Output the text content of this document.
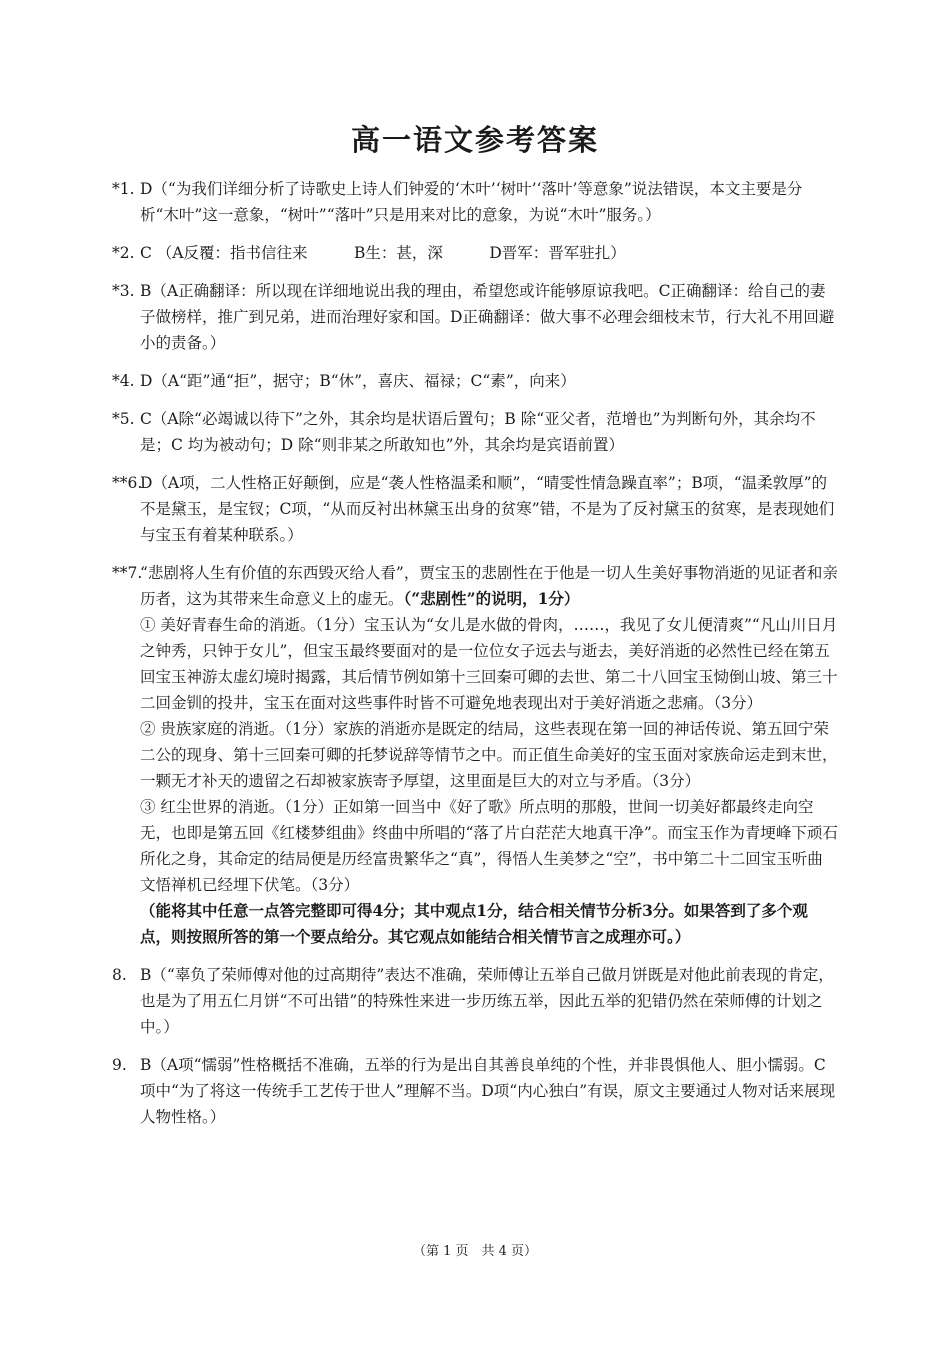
高一语文参考答案

*1. D（“为我们详细分析了诗歌史上诗人们钟爱的‘木叶’‘树叶’‘落叶’等意象”说法错误，本文主要是分析“木叶”这一意象，“树叶”“落叶”只是用来对比的意象，为说“木叶”服务。）

*2. C （A反覆：指书信往来　　　B生：甚，深　　　D晋军：晋军驻扎）

*3. B（A正确翻译：所以现在详细地说出我的理由，希望您或许能够原谅我吧。C正确翻译：给自己的妻子做榜样，推广到兄弟，进而治理好家和国。D正确翻译：做大事不必理会细枝末节，行大礼不用回避小的责备。）

*4. D（A“距”通“拒”，据守；B“休”，喜庆、福禄；C“素”，向来）

*5. C（A除“必竭诚以待下”之外，其余均是状语后置句；B 除“亚父者，范增也”为判断句外，其余均不是；C 均为被动句；D 除“则非某之所敢知也”外，其余均是宾语前置）

**6.D（A项，二人性格正好颠倒，应是“袭人性格温柔和顺”，“晴雯性情急躁直率”；B项，“温柔敦厚”的不是黛玉，是宝钗；C项，“从而反衬出林黛玉出身的贫寒”错，不是为了反衬黛玉的贫寒，是表现她们与宝玉有着某种联系。）

**7.“悲剧将人生有价值的东西毁灭给人看”，贾宝玉的悲剧性在于他是一切人生美好事物消逝的见证者和亲历者，这为其带来生命意义上的虚无。（“悲剧性”的说明，1分）

① 美好青春生命的消逝。（1分）宝玉认为“女儿是水做的骨肉，……，我见了女儿便清爽”“凡山川日月之钟秀，只钟于女儿”，但宝玉最终要面对的是一位位女子远去与逝去，美好消逝的必然性已经在第五回宝玉神游太虚幻境时揭露，其后情节例如第十三回秦可卿的去世、第二十八回宝玉恸倒山坡、第三十二回金钏的投井，宝玉在面对这些事件时皆不可避免地表现出对于美好消逝之悲痛。（3分）

② 贵族家庭的消逝。（1分）家族的消逝亦是既定的结局，这些表现在第一回的神话传说、第五回宁荣二公的现身、第十三回秦可卿的托梦说辞等情节之中。而正值生命美好的宝玉面对家族命运走到末世，一颗无才补天的遗留之石却被家族寄予厚望，这里面是巨大的对立与矛盾。（3分）

③ 红尘世界的消逝。（1分）正如第一回当中《好了歌》所点明的那般，世间一切美好都最终走向空无，也即是第五回《红楼梦组曲》终曲中所唱的“落了片白茫茫大地真干净”。而宝玉作为青埂峰下顽石所化之身，其命定的结局便是历经富贵繁华之“真”，得悟人生美梦之“空”，书中第二十二回宝玉听曲文悟禅机已经埋下伏笔。（3分）

（能将其中任意一点答完整即可得4分；其中观点1分，结合相关情节分析3分。如果答到了多个观点，则按照所答的第一个要点给分。其它观点如能结合相关情节言之成理亦可。）

8. B（“辜负了荣师傅对他的过高期待”表达不准确，荣师傅让五举自己做月饼既是对他此前表现的肯定，也是为了用五仁月饼“不可出错”的特殊性来进一步历练五举，因此五举的犯错仍然在荣师傅的计划之中。）

9. B（A项“懦弱”性格概括不准确，五举的行为是出自其善良单纯的个性，并非畏惧他人、胆小懦弱。C项中“为了将这一传统手工艺传于世人”理解不当。D项“内心独白”有误，原文主要通过人物对话来展现人物性格。）

（第 1 页　共 4 页）
